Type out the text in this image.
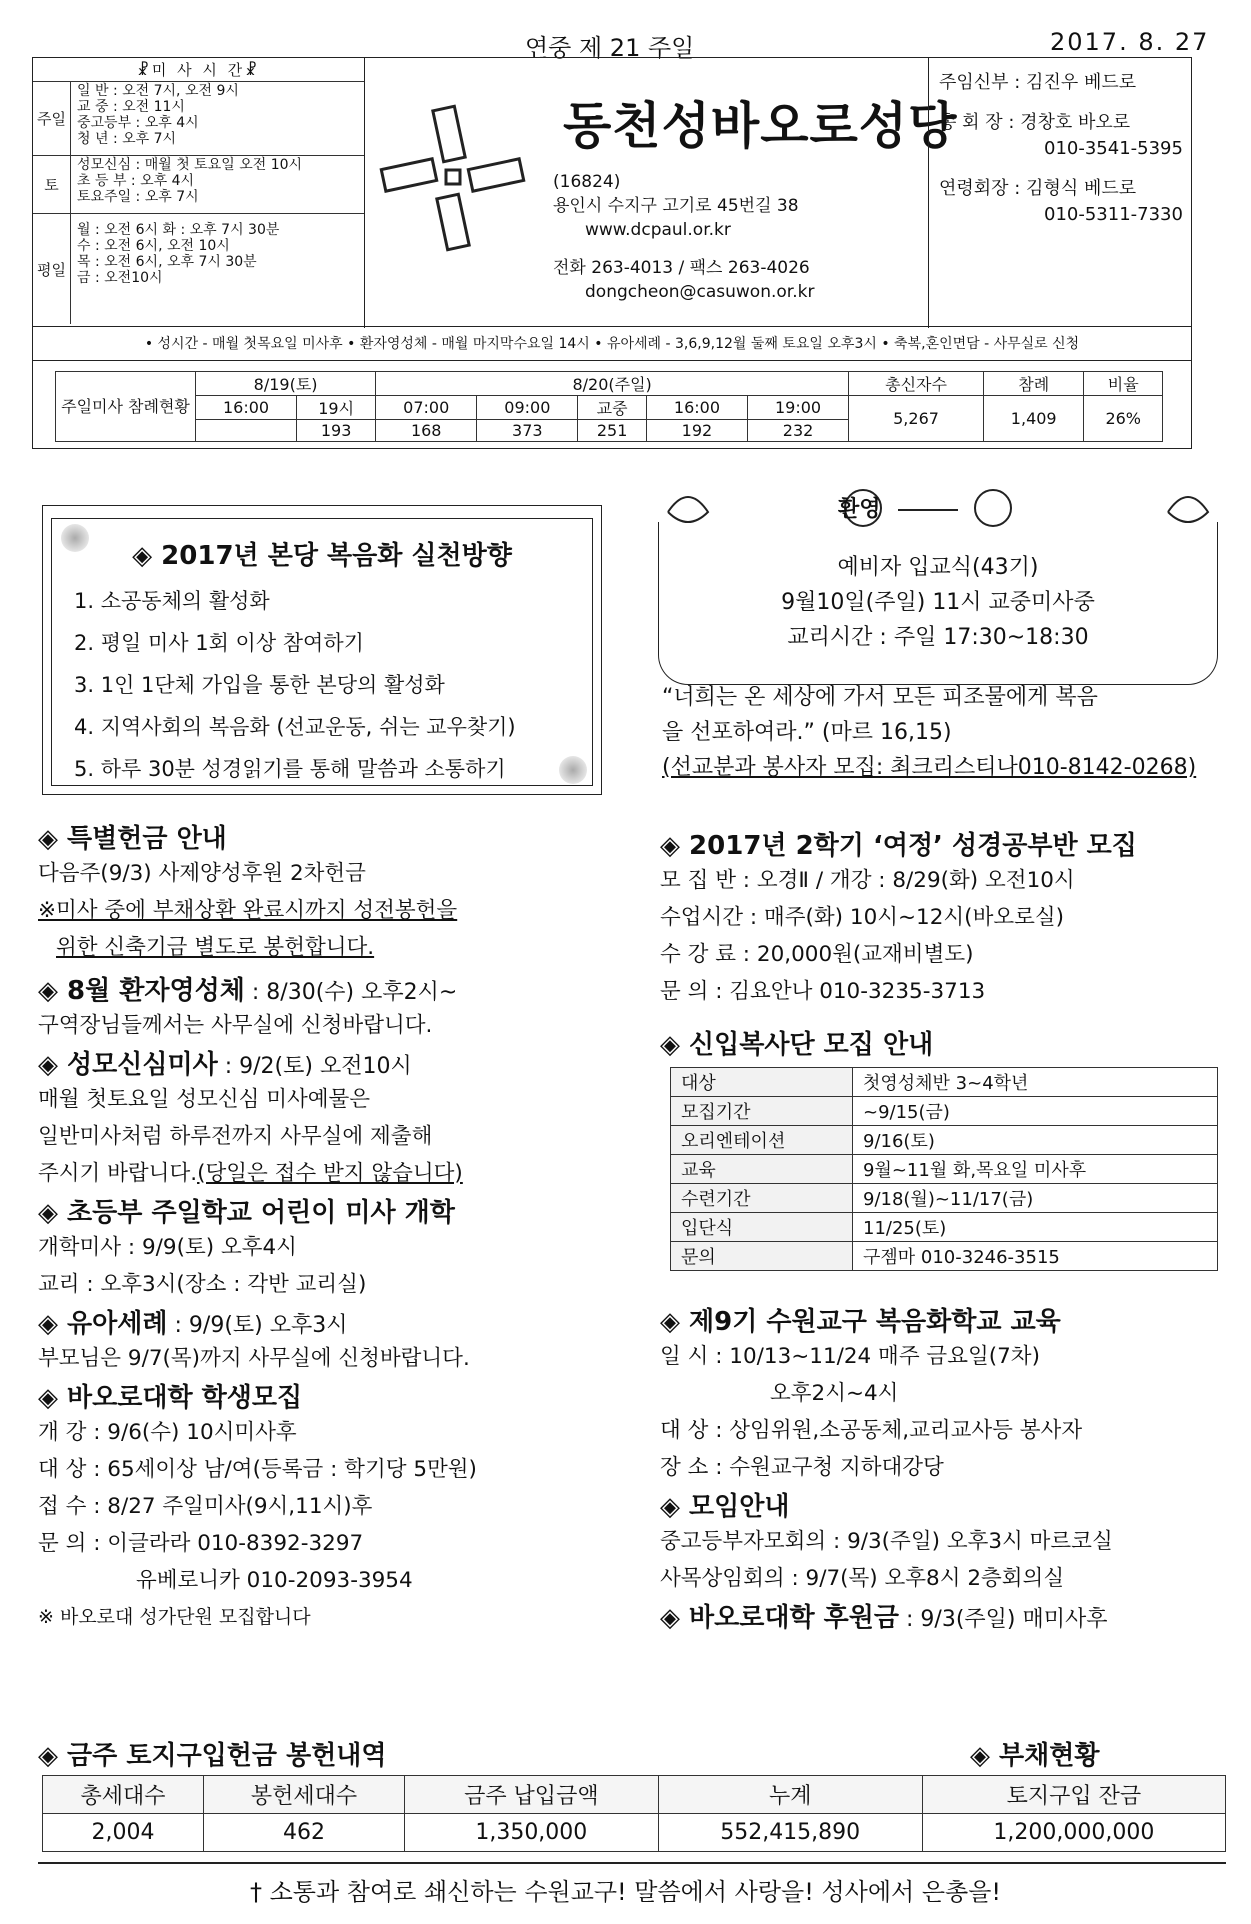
연중 제 21 주일	2017. 8. 27
☧미 사 시 간☧
주일
일 반 : 오전 7시, 오전 9시
교 중 : 오전 11시
중고등부 : 오후 4시
청 년 : 오후 7시
토
성모신심 : 매월 첫 토요일 오전 10시
초 등 부 : 오후 4시
토요주일 : 오후 7시
평일
월 : 오전 6시 화 : 오후 7시 30분
수 : 오전 6시, 오전 10시
목 : 오전 6시, 오후 7시 30분
금 : 오전10시
동천성바오로성당
(16824)
용인시 수지구 고기로 45번길 38
www.dcpaul.or.kr
전화 263-4013 / 팩스 263-4026
dongcheon@casuwon.or.kr
주임신부 : 김진우 베드로
총 회 장 : 경창호 바오로
010-3541-5395
연령회장 : 김형식 베드로
010-5311-7330
• 성시간 - 매월 첫목요일 미사후 • 환자영성체 - 매월 마지막수요일 14시 • 유아세례 - 3,6,9,12월 둘째 토요일 오후3시 • 축복,혼인면담 - 사무실로 신청
주일미사 참례현황	8/19(토)		8/20(주일)					총신자수	참례	비율
	16:00	19시	07:00	09:00	교중	16:00	19:00	5,267	1,409	26%
		193	168	373	251	192	232			
◈ 2017년 본당 복음화 실천방향
1. 소공동체의 활성화
2. 평일 미사 1회 이상 참여하기
3. 1인 1단체 가입을 통한 본당의 활성화
4. 지역사회의 복음화 (선교운동, 쉬는 교우찾기)
5. 하루 30분 성경읽기를 통해 말씀과 소통하기
환영
예비자 입교식(43기)
9월10일(주일) 11시 교중미사중
교리시간 : 주일 17:30~18:30
“너희는 온 세상에 가서 모든 피조물에게 복음
을 선포하여라.” (마르 16,15)
(선교분과 봉사자 모집: 최크리스티나010-8142-0268)
◈ 특별헌금 안내
다음주(9/3) 사제양성후원 2차헌금
※미사 중에 부채상환 완료시까지 성전봉헌을
위한 신축기금 별도로 봉헌합니다.
◈ 8월 환자영성체 : 8/30(수) 오후2시~
구역장님들께서는 사무실에 신청바랍니다.
◈ 성모신심미사 : 9/2(토) 오전10시
매월 첫토요일 성모신심 미사예물은
일반미사처럼 하루전까지 사무실에 제출해
주시기 바랍니다.(당일은 접수 받지 않습니다)
◈ 초등부 주일학교 어린이 미사 개학
개학미사 : 9/9(토) 오후4시
교리 : 오후3시(장소 : 각반 교리실)
◈ 유아세례 : 9/9(토) 오후3시
부모님은 9/7(목)까지 사무실에 신청바랍니다.
◈ 바오로대학 학생모집
개 강 : 9/6(수) 10시미사후
대 상 : 65세이상 남/여(등록금 : 학기당 5만원)
접 수 : 8/27 주일미사(9시,11시)후
문 의 : 이글라라 010-8392-3297
유베로니카 010-2093-3954
※ 바오로대 성가단원 모집합니다
◈ 2017년 2학기 ‘여정’ 성경공부반 모집
모 집 반 : 오경Ⅱ / 개강 : 8/29(화) 오전10시
수업시간 : 매주(화) 10시~12시(바오로실)
수 강 료 : 20,000원(교재비별도)
문 의 : 김요안나 010-3235-3713
◈ 신입복사단 모집 안내
대상	첫영성체반 3~4학년
모집기간	~9/15(금)
오리엔테이션	9/16(토)
교육	9월~11월 화,목요일 미사후
수련기간	9/18(월)~11/17(금)
입단식	11/25(토)
문의	구젬마 010-3246-3515
◈ 제9기 수원교구 복음화학교 교육
일 시 : 10/13~11/24 매주 금요일(7차)
오후2시~4시
대 상 : 상임위원,소공동체,교리교사등 봉사자
장 소 : 수원교구청 지하대강당
◈ 모임안내
중고등부자모회의 : 9/3(주일) 오후3시 마르코실
사목상임회의 : 9/7(목) 오후8시 2층회의실
◈ 바오로대학 후원금 : 9/3(주일) 매미사후
◈ 금주 토지구입헌금 봉헌내역	◈ 부채현황
총세대수	봉헌세대수	금주 납입금액	누계	토지구입 잔금
2,004	462	1,350,000	552,415,890	1,200,000,000
† 소통과 참여로 쇄신하는 수원교구! 말씀에서 사랑을! 성사에서 은총을!
